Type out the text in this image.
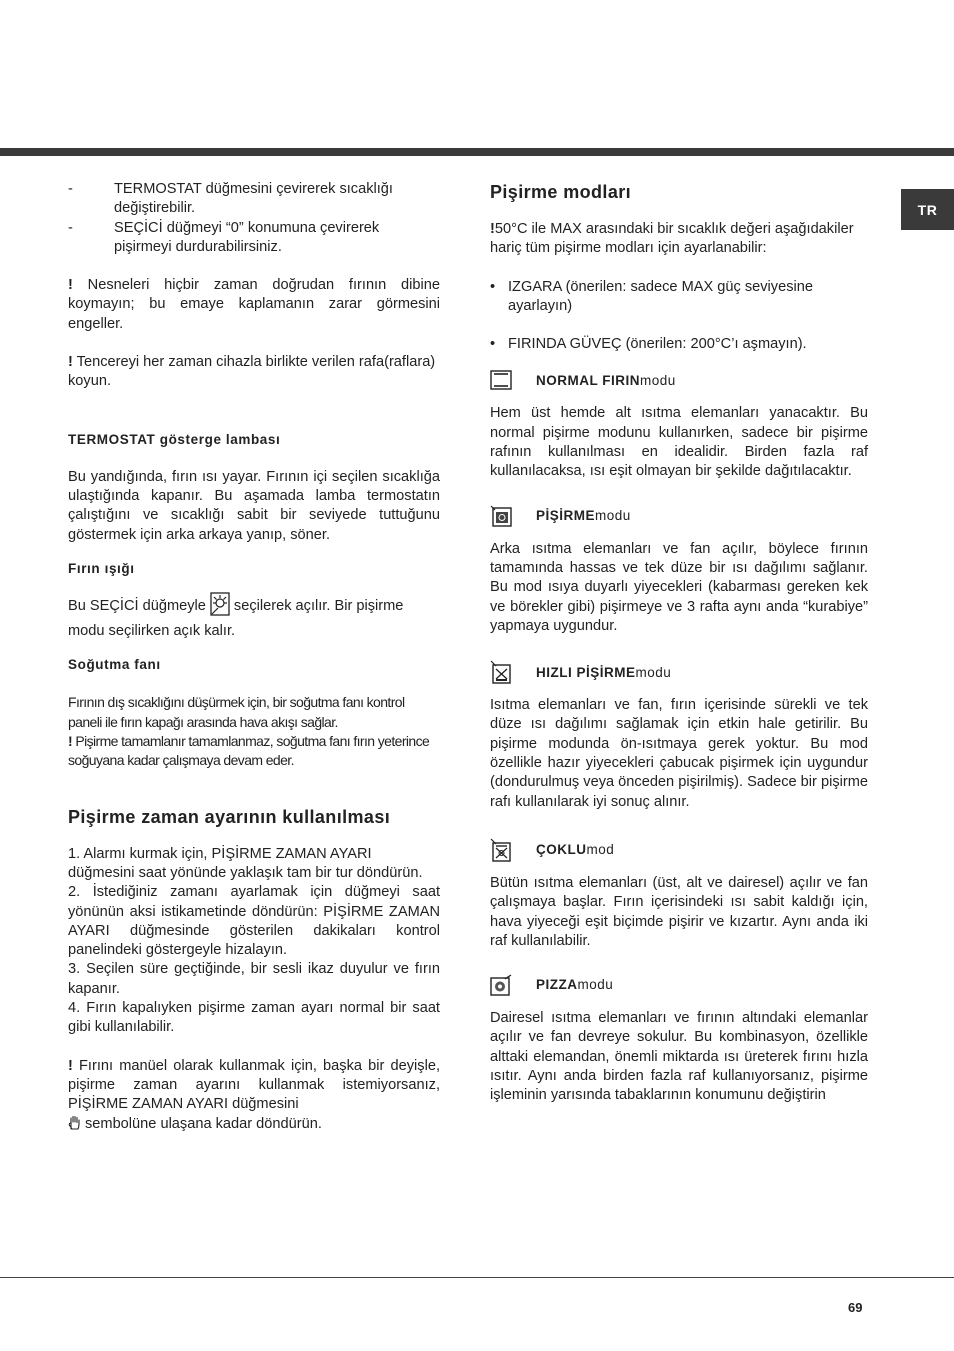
TR
-	TERMOSTAT düğmesini çevirerek sıcaklığı değiştirebilir.
-	SEÇİCİ düğmeyi “0” konumuna çevirerek pişirmeyi durdurabilirsiniz.

! Nesneleri hiçbir zaman doğrudan fırının dibine koymayın; bu emaye kaplamanın zarar görmesini engeller.

! Tencereyi her zaman cihazla birlikte verilen rafa(raflara) koyun.

TERMOSTAT gösterge lambası

Bu yandığında, fırın ısı yayar. Fırının içi seçilen sıcaklığa ulaştığında kapanır. Bu aşamada lamba termostatın çalıştığını ve sıcaklığı sabit bir seviyede tuttuğunu göstermek için arka arkaya yanıp, söner.

Fırın ışığı

Bu SEÇİCİ düğmeyle seçilerek açılır. Bir pişirme modu seçilirken açık kalır.

Soğutma fanı

Fırının dış sıcaklığını düşürmek için, bir soğutma fanı kontrol paneli ile fırın kapağı arasında hava akışı sağlar.

! Pişirme tamamlanır tamamlanmaz, soğutma fanı fırın yeterince soğuyana kadar çalışmaya devam eder.

Pişirme zaman ayarının kullanılması

1. Alarmı kurmak için, PİŞİRME ZAMAN AYARI düğmesini saat yönünde yaklaşık tam bir tur döndürün.

2. İstediğiniz zamanı ayarlamak için düğmeyi saat yönünün aksi istikametinde döndürün: PİŞİRME ZAMAN AYARI düğmesinde gösterilen dakikaları kontrol panelindeki göstergeyle hizalayın.

3. Seçilen süre geçtiğinde, bir sesli ikaz duyulur ve fırın kapanır.

4. Fırın kapalıyken pişirme zaman ayarı normal bir saat gibi kullanılabilir.

! Fırını manüel olarak kullanmak için, başka bir deyişle, pişirme zaman ayarını kullanmak istemiyorsanız, PİŞİRME ZAMAN AYARI düğmesini

sembolüne ulaşana kadar döndürün.

Pişirme modları

!50°C ile MAX arasındaki bir sıcaklık değeri aşağıdakiler hariç tüm pişirme modları için ayarlanabilir:

• IZGARA (önerilen: sadece MAX güç seviyesine ayarlayın)
• FIRINDA GÜVEÇ (önerilen: 200°C’ı aşmayın).
NORMAL FIRIN modu

Hem üst hemde alt ısıtma elemanları yanacaktır. Bu normal pişirme modunu kullanırken, sadece bir pişirme rafının kullanılması en idealidir. Birden fazla raf kullanılacaksa, ısı eşit olmayan bir şekilde dağıtılacaktır.

PİŞİRME modu

Arka ısıtma elemanları ve fan açılır, böylece fırının tamamında hassas ve tek düze bir ısı dağılımı sağlanır. Bu mod ısıya duyarlı yiyecekleri (kabarması gereken kek ve börekler gibi) pişirmeye ve 3 rafta aynı anda “kurabiye” yapmaya uygundur.

HIZLI PİŞİRME modu

Isıtma elemanları ve fan, fırın içerisinde sürekli ve tek düze ısı dağılımı sağlamak için etkin hale getirilir. Bu pişirme modunda ön-ısıtmaya gerek yoktur. Bu mod özellikle hazır yiyecekleri çabucak pişirmek için uygundur (dondurulmuş veya önceden pişirilmiş). Sadece bir pişirme rafı kullanılarak iyi sonuç alınır.

ÇOKLU mod

Bütün ısıtma elemanları (üst, alt ve dairesel) açılır ve fan çalışmaya başlar. Fırın içerisindeki ısı sabit kaldığı için, hava yiyeceği eşit biçimde pişirir ve kızartır. Aynı anda iki raf kullanılabilir.

PIZZA modu

Dairesel ısıtma elemanları ve fırının altındaki elemanlar açılır ve fan devreye sokulur. Bu kombinasyon, özellikle alttaki elemandan, önemli miktarda ısı üreterek fırını hızla ısıtır. Aynı anda birden fazla raf kullanıyorsanız, pişirme işleminin yarısında tabaklarının konumunu değiştirin

69
